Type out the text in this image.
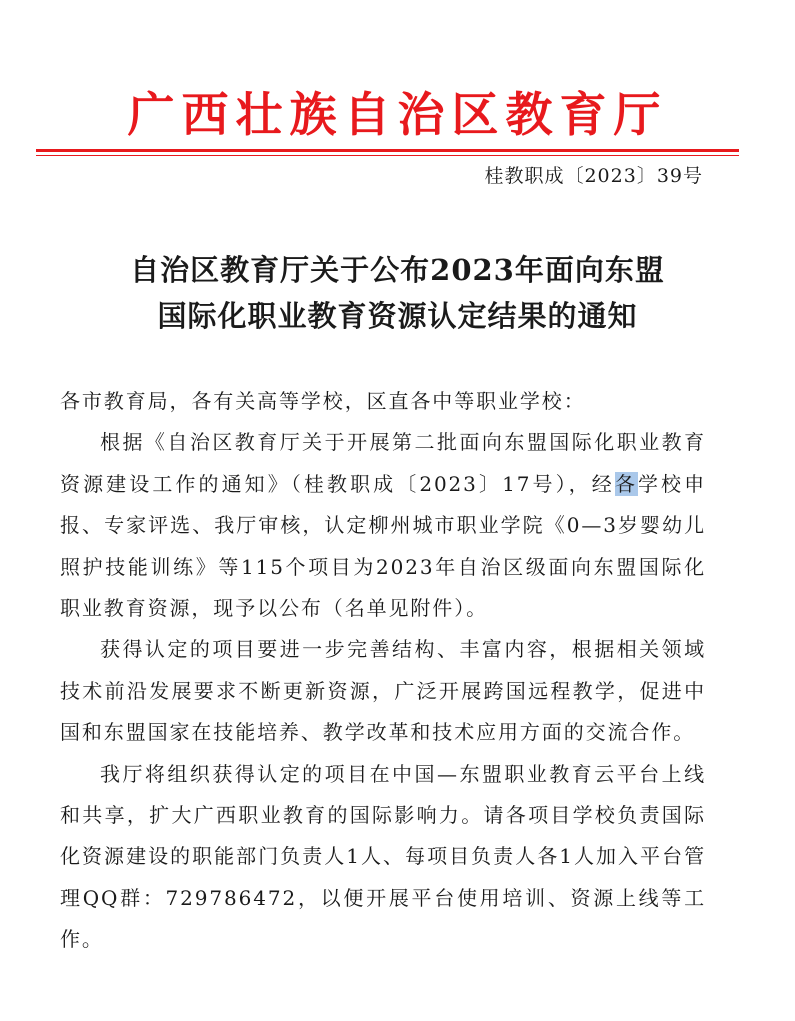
广西壮族自治区教育厅
桂教职成〔2023〕39号
自治区教育厅关于公布2023年面向东盟
国际化职业教育资源认定结果的通知

各市教育局，各有关高等学校，区直各中等职业学校：

根据《自治区教育厅关于开展第二批面向东盟国际化职业教育资源建设工作的通知》（桂教职成〔2023〕17号），经各学校申报、专家评选、我厅审核，认定柳州城市职业学院《0—3岁婴幼儿照护技能训练》等115个项目为2023年自治区级面向东盟国际化职业教育资源，现予以公布（名单见附件）。

获得认定的项目要进一步完善结构、丰富内容，根据相关领域技术前沿发展要求不断更新资源，广泛开展跨国远程教学，促进中国和东盟国家在技能培养、教学改革和技术应用方面的交流合作。

我厅将组织获得认定的项目在中国—东盟职业教育云平台上线和共享，扩大广西职业教育的国际影响力。请各项目学校负责国际化资源建设的职能部门负责人1人、每项目负责人各1人加入平台管理QQ群：729786472，以便开展平台使用培训、资源上线等工作。
